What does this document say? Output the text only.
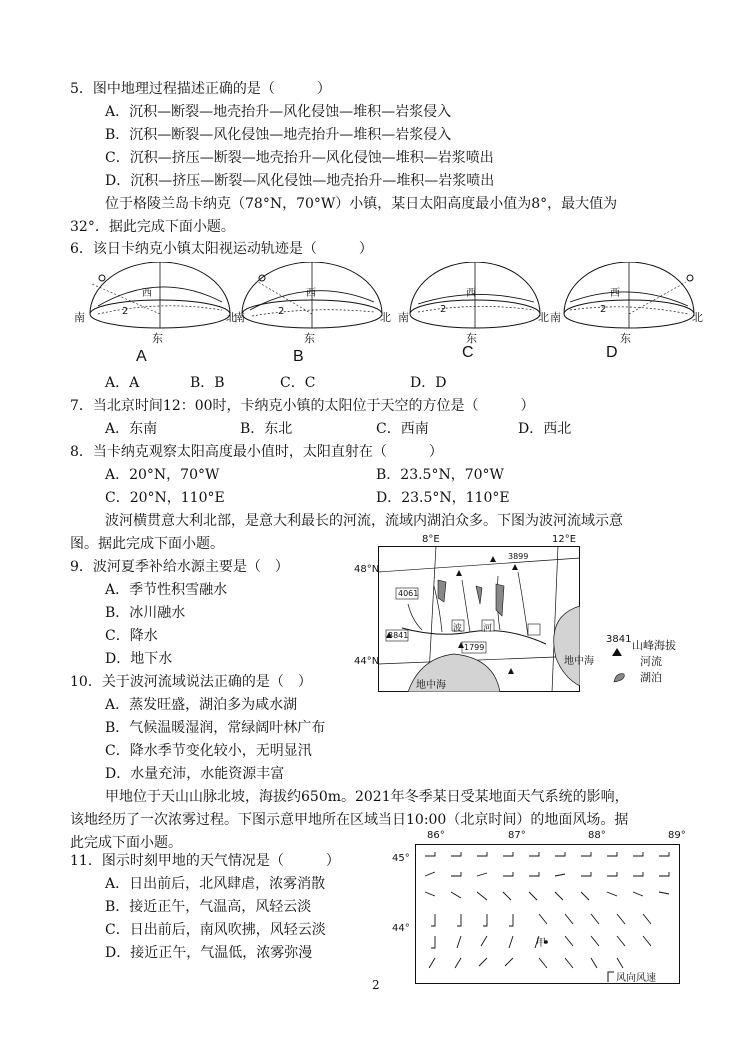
5．图中地理过程描述正确的是（　　　）
A．沉积—断裂—地壳抬升—风化侵蚀—堆积—岩浆侵入
B．沉积—断裂—风化侵蚀—地壳抬升—堆积—岩浆侵入
C．沉积—挤压—断裂—地壳抬升—风化侵蚀—堆积—岩浆喷出
D．沉积—挤压—断裂—风化侵蚀—地壳抬升—堆积—岩浆喷出
位于格陵兰岛卡纳克（78°N，70°W）小镇，某日太阳高度最小值为8°，最大值为
32°．据此完成下面小题。
6．该日卡纳克小镇太阳视运动轨迹是（　　　）
2
西
2
西
2
西
2
西
南	北
东
南	北
东
南	北
东
南	北
东
A	B	C	D
A．A	B．B	C．C	D．D
7．当北京时间12：00时，卡纳克小镇的太阳位于天空的方位是（　　　）
A．东南	B．东北	C．西南	D．西北
8．当卡纳克观察太阳高度最小值时，太阳直射在（　　　）
A．20°N，70°W	B．23.5°N，70°W
C．20°N，110°E	D．23.5°N，110°E
波河横贯意大利北部，是意大利最长的河流，流域内湖泊众多。下图为波河流域示意
图。据此完成下面小题。
9．波河夏季补给水源主要是（　）
A．季节性积雪融水
B．冰川融水
C．降水
D．地下水
8°E	12°E
48°N
44°N
3899
4061
3841
1799
波 河
地中海
地中海
3841 山峰海拔
河流
湖泊
10．关于波河流域说法正确的是（　）
A．蒸发旺盛，湖泊多为咸水湖
B．气候温暖湿润，常绿阔叶林广布
C．降水季节变化较小，无明显汛
D．水量充沛，水能资源丰富
甲地位于天山山脉北坡，海拔约650m。2021年冬季某日受某地面天气系统的影响，
该地经历了一次浓雾过程。下图示意甲地所在区域当日10:00（北京时间）的地面风场。据
此完成下面小题。
11．图示时刻甲地的天气情况是（　　　）
A．日出前后，北风肆虐，浓雾消散
B．接近正午，气温高，风轻云淡
C．日出前后，南风吹拂，风轻云淡
D．接近正午，气温低，浓雾弥漫
86°	87°	88°	89°
45°
44°
甲
风向风速
2
